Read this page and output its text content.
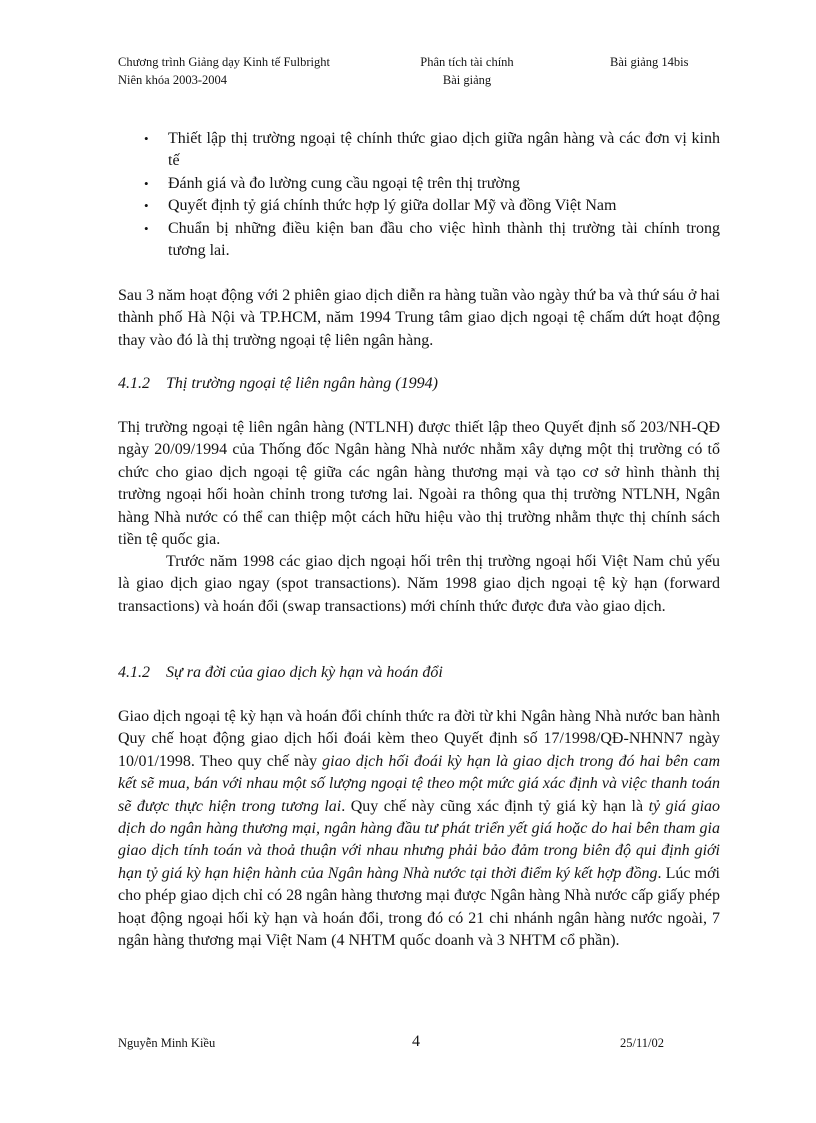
Chương trình Giảng dạy Kinh tế Fulbright
Niên khóa 2003-2004
Phân tích tài chính
Bài giảng
Bài giảng 14bis
• Thiết lập thị trường ngoại tệ chính thức giao dịch giữa ngân hàng và các đơn vị kinh tế
• Đánh giá và đo lường cung cầu ngoại tệ trên thị trường
• Quyết định tỷ giá chính thức hợp lý giữa dollar Mỹ và đồng Việt Nam
• Chuẩn bị những điều kiện ban đầu cho việc hình thành thị trường tài chính trong tương lai.
Sau 3 năm hoạt động với 2 phiên giao dịch diễn ra hàng tuần vào ngày thứ ba và thứ sáu ở hai thành phố Hà Nội và TP.HCM, năm 1994 Trung tâm giao dịch ngoại tệ chấm dứt hoạt động thay vào đó là thị trường ngoại tệ liên ngân hàng.
4.1.2 Thị trường ngoại tệ liên ngân hàng (1994)
Thị trường ngoại tệ liên ngân hàng (NTLNH) được thiết lập theo Quyết định số 203/NH-QĐ ngày 20/09/1994 của Thống đốc Ngân hàng Nhà nước nhằm xây dựng một thị trường có tổ chức cho giao dịch ngoại tệ giữa các ngân hàng thương mại và tạo cơ sở hình thành thị trường ngoại hối hoàn chỉnh trong tương lai. Ngoài ra thông qua thị trường NTLNH, Ngân hàng Nhà nước có thể can thiệp một cách hữu hiệu vào thị trường nhằm thực thị chính sách tiền tệ quốc gia.
Trước năm 1998 các giao dịch ngoại hối trên thị trường ngoại hối Việt Nam chủ yếu là giao dịch giao ngay (spot transactions). Năm 1998 giao dịch ngoại tệ kỳ hạn (forward transactions) và hoán đổi (swap transactions) mới chính thức được đưa vào giao dịch.
4.1.2 Sự ra đời của giao dịch kỳ hạn và hoán đổi
Giao dịch ngoại tệ kỳ hạn và hoán đổi chính thức ra đời từ khi Ngân hàng Nhà nước ban hành Quy chế hoạt động giao dịch hối đoái kèm theo Quyết định số 17/1998/QĐ-NHNN7 ngày 10/01/1998. Theo quy chế này giao dịch hối đoái kỳ hạn là giao dịch trong đó hai bên cam kết sẽ mua, bán với nhau một số lượng ngoại tệ theo một mức giá xác định và việc thanh toán sẽ được thực hiện trong tương lai. Quy chế này cũng xác định tỷ giá kỳ hạn là tỷ giá giao dịch do ngân hàng thương mại, ngân hàng đầu tư phát triển yết giá hoặc do hai bên tham gia giao dịch tính toán và thoả thuận với nhau nhưng phải bảo đảm trong biên độ qui định giới hạn tỷ giá kỳ hạn hiện hành của Ngân hàng Nhà nước tại thời điểm ký kết hợp đồng. Lúc mới cho phép giao dịch chỉ có 28 ngân hàng thương mại được Ngân hàng Nhà nước cấp giấy phép hoạt động ngoại hối kỳ hạn và hoán đổi, trong đó có 21 chi nhánh ngân hàng nước ngoài, 7 ngân hàng thương mại Việt Nam (4 NHTM quốc doanh và 3 NHTM cổ phần).
Nguyễn Minh Kiều	4	25/11/02
